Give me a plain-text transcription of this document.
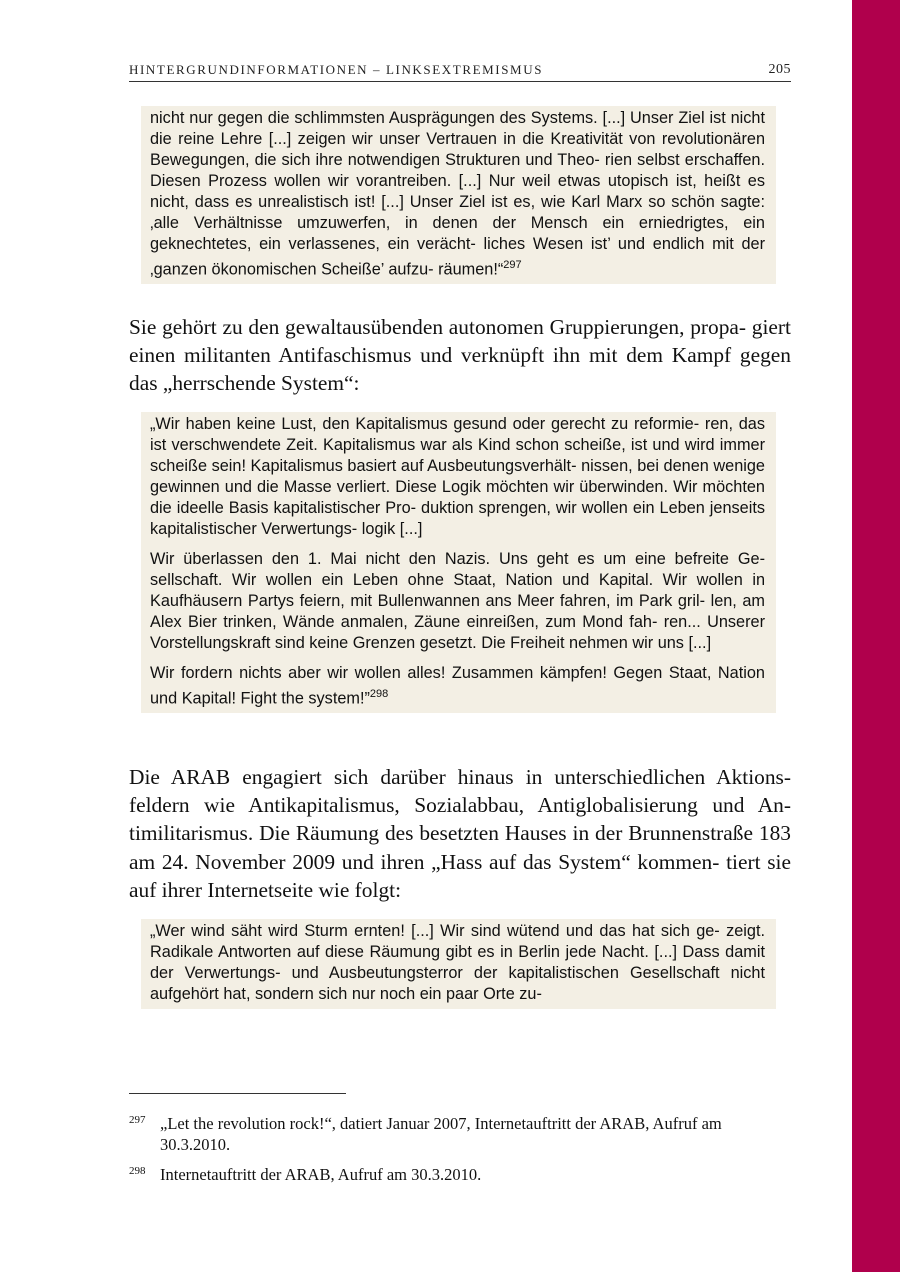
HINTERGRUNDINFORMATIONEN – LINKSEXTREMISMUS	205

nicht nur gegen die schlimmsten Ausprägungen des Systems. [...] Unser Ziel ist nicht die reine Lehre [...] zeigen wir unser Vertrauen in die Kreativität von revolutionären Bewegungen, die sich ihre notwendigen Strukturen und Theo- rien selbst erschaffen. Diesen Prozess wollen wir vorantreiben. [...] Nur weil etwas utopisch ist, heißt es nicht, dass es unrealistisch ist! [...] Unser Ziel ist es, wie Karl Marx so schön sagte: ‚alle Verhältnisse umzuwerfen, in denen der Mensch ein erniedrigtes, ein geknechtetes, ein verlassenes, ein verächt- liches Wesen ist’ und endlich mit der ‚ganzen ökonomischen Scheiße’ aufzu- räumen!“$^{297}$

Sie gehört zu den gewaltausübenden autonomen Gruppierungen, propa- giert einen militanten Antifaschismus und verknüpft ihn mit dem Kampf gegen das „herrschende System“:

„Wir haben keine Lust, den Kapitalismus gesund oder gerecht zu reformie- ren, das ist verschwendete Zeit. Kapitalismus war als Kind schon scheiße, ist und wird immer scheiße sein! Kapitalismus basiert auf Ausbeutungsverhält- nissen, bei denen wenige gewinnen und die Masse verliert. Diese Logik möchten wir überwinden. Wir möchten die ideelle Basis kapitalistischer Pro- duktion sprengen, wir wollen ein Leben jenseits kapitalistischer Verwertungs- logik [...]

Wir überlassen den 1. Mai nicht den Nazis. Uns geht es um eine befreite Ge- sellschaft. Wir wollen ein Leben ohne Staat, Nation und Kapital. Wir wollen in Kaufhäusern Partys feiern, mit Bullenwannen ans Meer fahren, im Park gril- len, am Alex Bier trinken, Wände anmalen, Zäune einreißen, zum Mond fah- ren... Unserer Vorstellungskraft sind keine Grenzen gesetzt. Die Freiheit nehmen wir uns [...]

Wir fordern nichts aber wir wollen alles! Zusammen kämpfen! Gegen Staat, Nation und Kapital! Fight the system!”$^{298}$

Die ARAB engagiert sich darüber hinaus in unterschiedlichen Aktions- feldern wie Antikapitalismus, Sozialabbau, Antiglobalisierung und An- timilitarismus. Die Räumung des besetzten Hauses in der Brunnenstraße 183 am 24. November 2009 und ihren „Hass auf das System“ kommen- tiert sie auf ihrer Internetseite wie folgt:

„Wer wind säht wird Sturm ernten! [...] Wir sind wütend und das hat sich ge- zeigt. Radikale Antworten auf diese Räumung gibt es in Berlin jede Nacht. [...] Dass damit der Verwertungs- und Ausbeutungsterror der kapitalistischen Gesellschaft nicht aufgehört hat, sondern sich nur noch ein paar Orte zu-

297 „Let the revolution rock!“, datiert Januar 2007, Internetauftritt der ARAB, Aufruf am 30.3.2010.
298 Internetauftritt der ARAB, Aufruf am 30.3.2010.
